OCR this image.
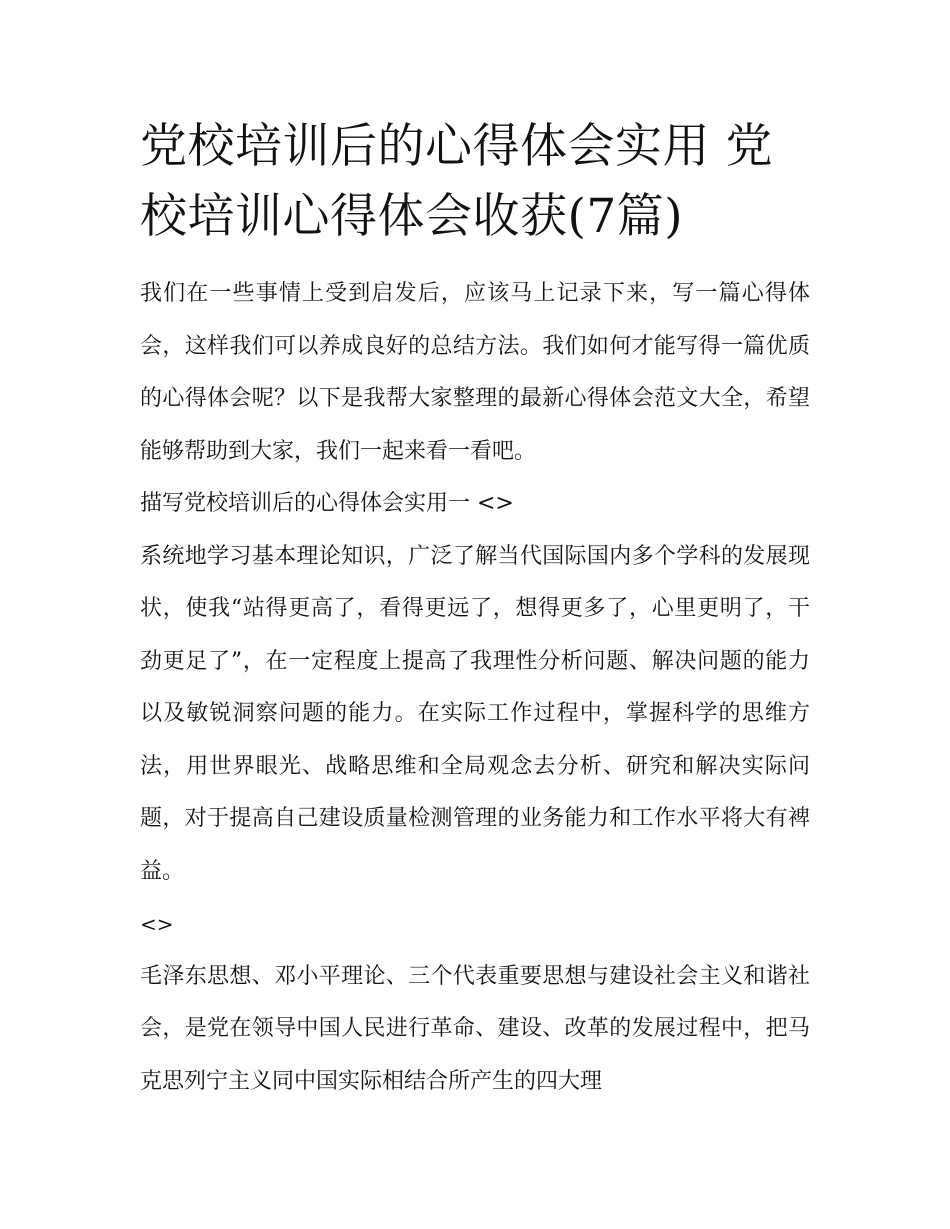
党校培训后的心得体会实用 党校培训心得体会收获(7篇)

我们在一些事情上受到启发后，应该马上记录下来，写一篇心得体会，这样我们可以养成良好的总结方法。我们如何才能写得一篇优质的心得体会呢？以下是我帮大家整理的最新心得体会范文大全，希望能够帮助到大家，我们一起来看一看吧。

描写党校培训后的心得体会实用一 <>

系统地学习基本理论知识，广泛了解当代国际国内多个学科的发展现状，使我“站得更高了，看得更远了，想得更多了，心里更明了，干劲更足了”，在一定程度上提高了我理性分析问题、解决问题的能力以及敏锐洞察问题的能力。在实际工作过程中，掌握科学的思维方法，用世界眼光、战略思维和全局观念去分析、研究和解决实际问题，对于提高自己建设质量检测管理的业务能力和工作水平将大有裨益。

<>

毛泽东思想、邓小平理论、三个代表重要思想与建设社会主义和谐社会，是党在领导中国人民进行革命、建设、改革的发展过程中，把马克思列宁主义同中国实际相结合所产生的四大理
